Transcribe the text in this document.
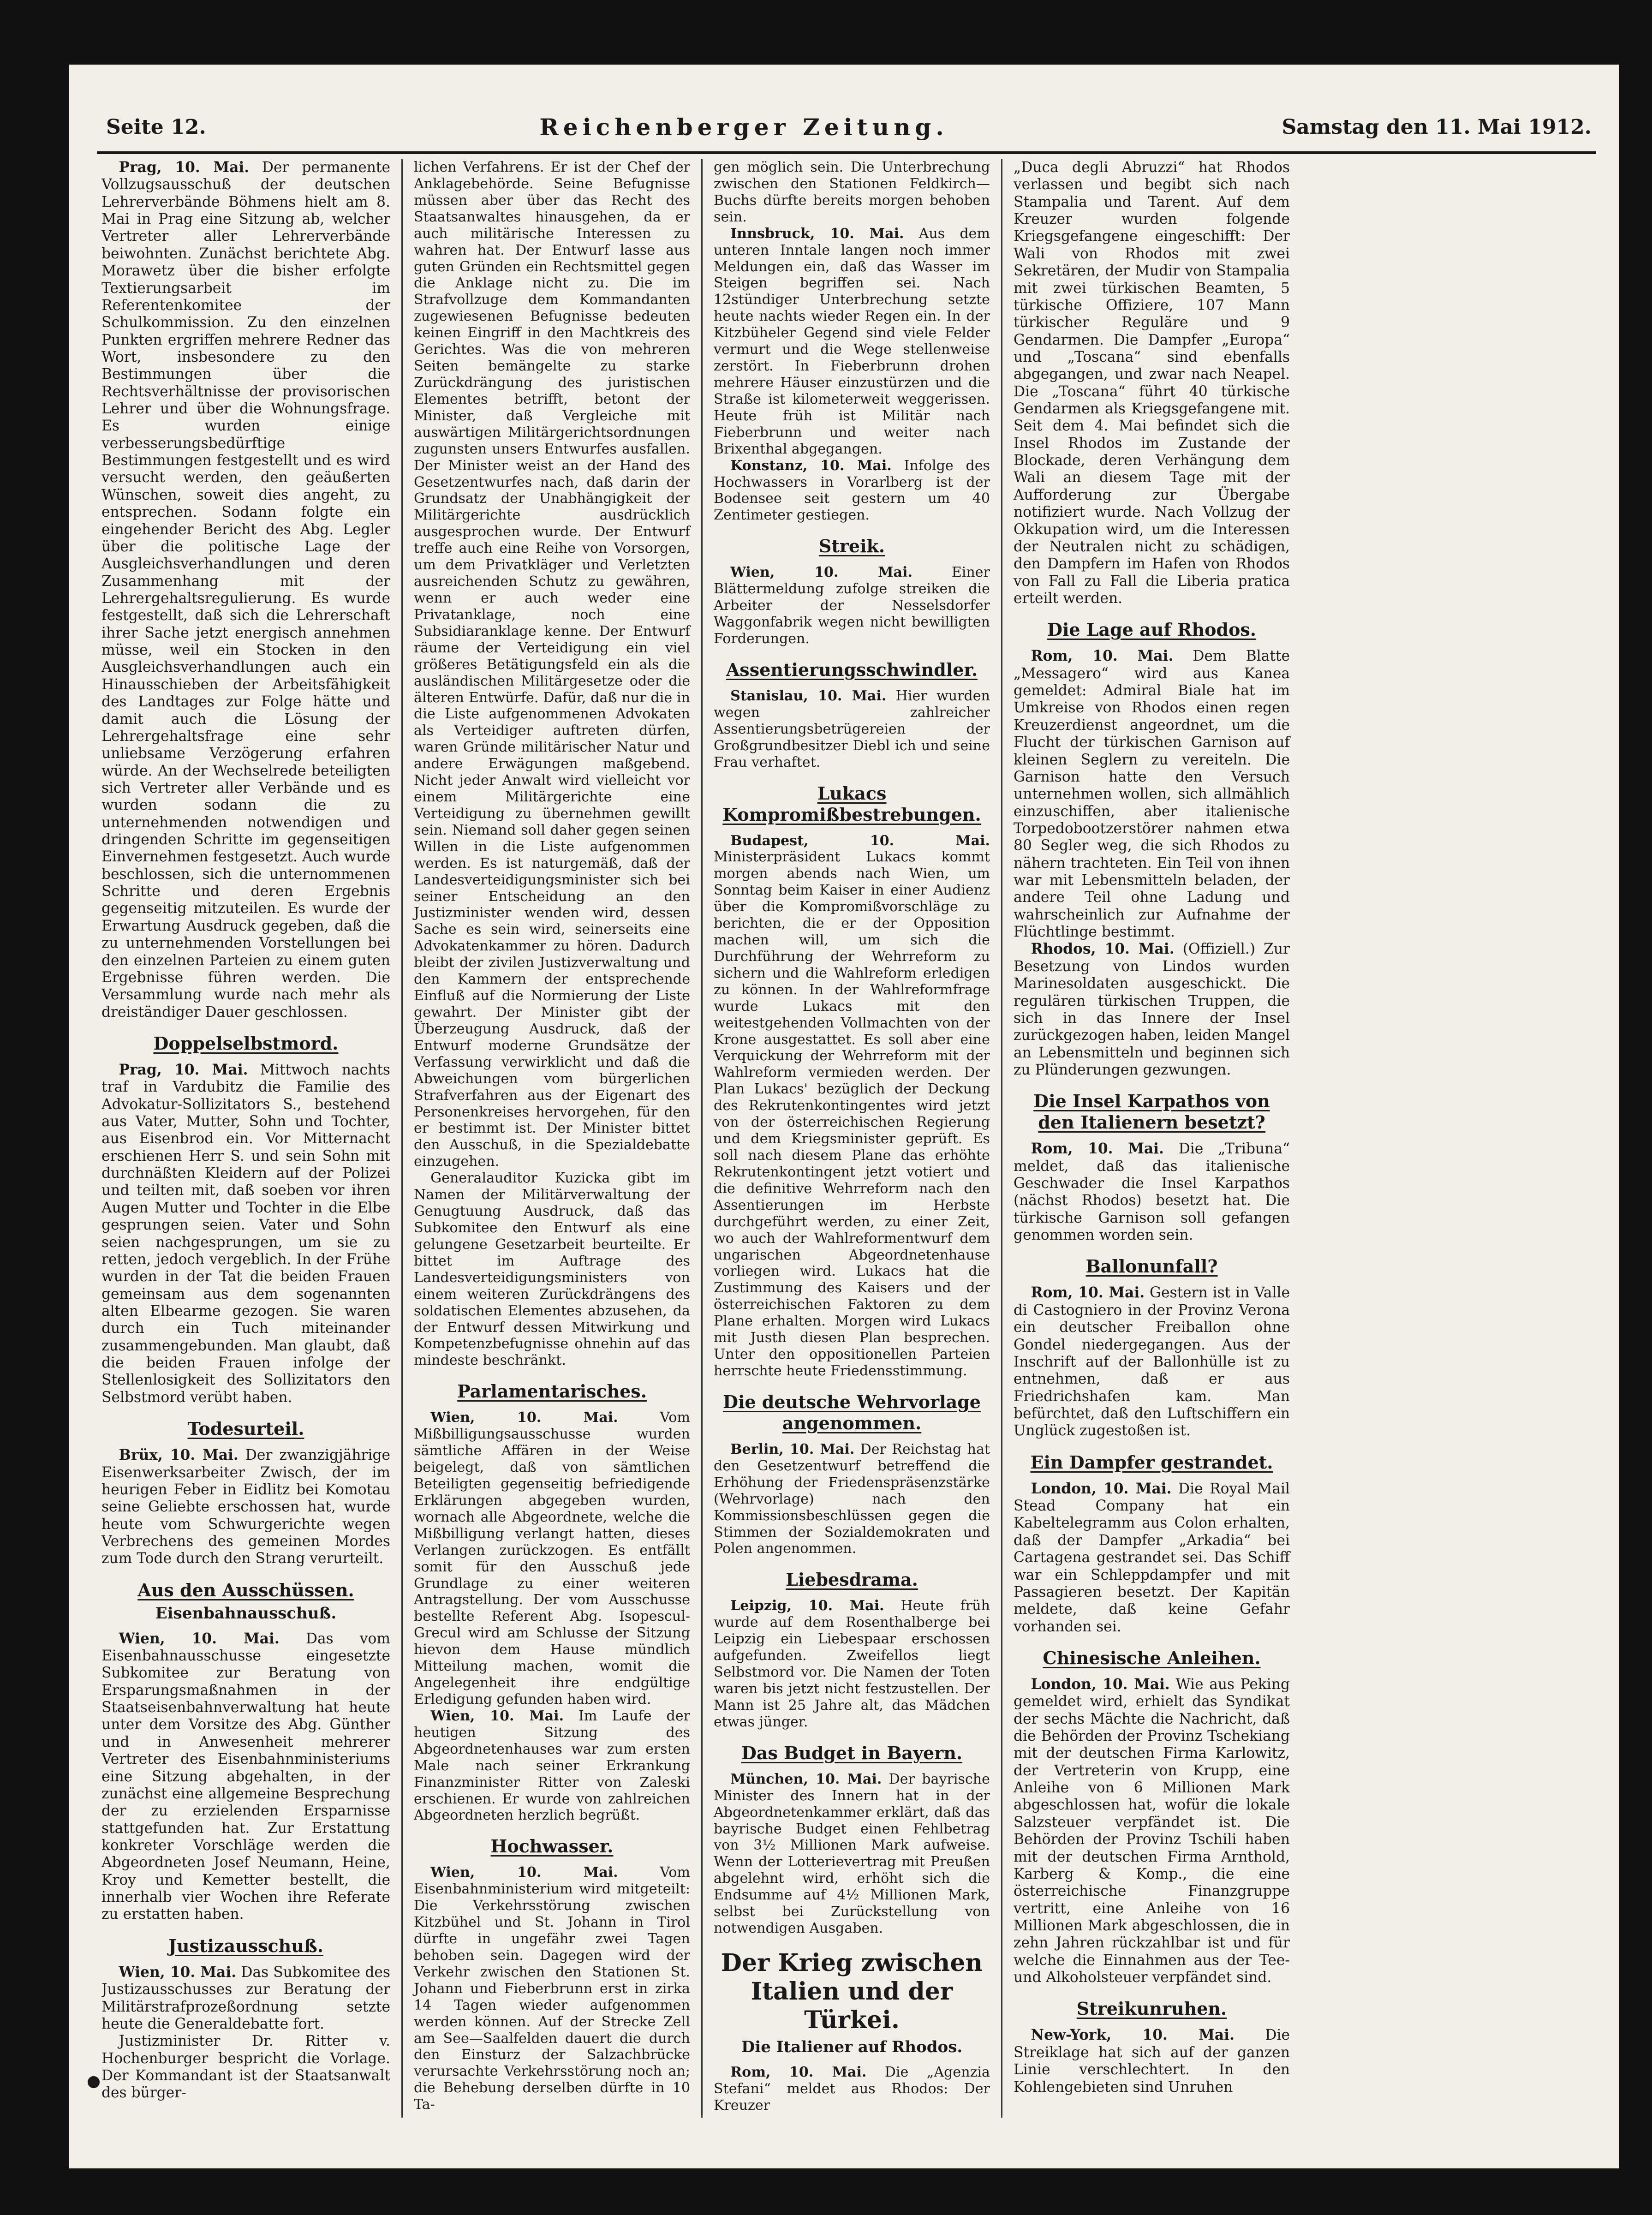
Seite 12.	Reichenberger Zeitung.	Samstag den 11. Mai 1912.

Prag, 10. Mai. Der permanente Vollzugsausschuß der deutschen Lehrerverbände Böhmens hielt am 8. Mai in Prag eine Sitzung ab, welcher Vertreter aller Lehrerverbände beiwohnten. Zunächst berichtete Abg. Morawetz über die bisher erfolgte Textierungsarbeit im Referentenkomitee der Schulkommission. Zu den einzelnen Punkten ergriffen mehrere Redner das Wort, insbesondere zu den Bestimmungen über die Rechtsverhältnisse der provisorischen Lehrer und über die Wohnungsfrage. Es wurden einige verbesserungsbedürftige Bestimmungen festgestellt und es wird versucht werden, den geäußerten Wünschen, soweit dies angeht, zu entsprechen. Sodann folgte ein eingehender Bericht des Abg. Legler über die politische Lage der Ausgleichsverhandlungen und deren Zusammenhang mit der Lehrergehaltsregulierung. Es wurde festgestellt, daß sich die Lehrerschaft ihrer Sache jetzt energisch annehmen müsse, weil ein Stocken in den Ausgleichsverhandlungen auch ein Hinausschieben der Arbeitsfähigkeit des Landtages zur Folge hätte und damit auch die Lösung der Lehrergehaltsfrage eine sehr unliebsame Verzögerung erfahren würde. An der Wechselrede beteiligten sich Vertreter aller Verbände und es wurden sodann die zu unternehmenden notwendigen und dringenden Schritte im gegenseitigen Einvernehmen festgesetzt. Auch wurde beschlossen, sich die unternommenen Schritte und deren Ergebnis gegenseitig mitzuteilen. Es wurde der Erwartung Ausdruck gegeben, daß die zu unternehmenden Vorstellungen bei den einzelnen Parteien zu einem guten Ergebnisse führen werden. Die Versammlung wurde nach mehr als dreiständiger Dauer geschlossen.

Doppelselbstmord.

Prag, 10. Mai. Mittwoch nachts traf in Vardubitz die Familie des Advokatur-Sollizitators S., bestehend aus Vater, Mutter, Sohn und Tochter, aus Eisenbrod ein. Vor Mitternacht erschienen Herr S. und sein Sohn mit durchnäßten Kleidern auf der Polizei und teilten mit, daß soeben vor ihren Augen Mutter und Tochter in die Elbe gesprungen seien. Vater und Sohn seien nachgesprungen, um sie zu retten, jedoch vergeblich. In der Frühe wurden in der Tat die beiden Frauen gemeinsam aus dem sogenannten alten Elbearme gezogen. Sie waren durch ein Tuch miteinander zusammengebunden. Man glaubt, daß die beiden Frauen infolge der Stellenlosigkeit des Sollizitators den Selbstmord verübt haben.

Todesurteil.

Brüx, 10. Mai. Der zwanzigjährige Eisenwerksarbeiter Zwisch, der im heurigen Feber in Eidlitz bei Komotau seine Geliebte erschossen hat, wurde heute vom Schwurgerichte wegen Verbrechens des gemeinen Mordes zum Tode durch den Strang verurteilt.

Aus den Ausschüssen.
Eisenbahnausschuß.

Wien, 10. Mai. Das vom Eisenbahnausschusse eingesetzte Subkomitee zur Beratung von Ersparungsmaßnahmen in der Staatseisenbahnverwaltung hat heute unter dem Vorsitze des Abg. Günther und in Anwesenheit mehrerer Vertreter des Eisenbahnministeriums eine Sitzung abgehalten, in der zunächst eine allgemeine Besprechung der zu erzielenden Ersparnisse stattgefunden hat. Zur Erstattung konkreter Vorschläge werden die Abgeordneten Josef Neumann, Heine, Kroy und Kemetter bestellt, die innerhalb vier Wochen ihre Referate zu erstatten haben.

Justizausschuß.

Wien, 10. Mai. Das Subkomitee des Justizausschusses zur Beratung der Militärstrafprozeßordnung setzte heute die Generaldebatte fort.

Justizminister Dr. Ritter v. Hochenburger bespricht die Vorlage. Der Kommandant ist der Staatsanwalt des bürger-

lichen Verfahrens. Er ist der Chef der Anklagebehörde. Seine Befugnisse müssen aber über das Recht des Staatsanwaltes hinausgehen, da er auch militärische Interessen zu wahren hat. Der Entwurf lasse aus guten Gründen ein Rechtsmittel gegen die Anklage nicht zu. Die im Strafvollzuge dem Kommandanten zugewiesenen Befugnisse bedeuten keinen Eingriff in den Machtkreis des Gerichtes. Was die von mehreren Seiten bemängelte zu starke Zurückdrängung des juristischen Elementes betrifft, betont der Minister, daß Vergleiche mit auswärtigen Militärgerichtsordnungen zugunsten unsers Entwurfes ausfallen. Der Minister weist an der Hand des Gesetzentwurfes nach, daß darin der Grundsatz der Unabhängigkeit der Militärgerichte ausdrücklich ausgesprochen wurde. Der Entwurf treffe auch eine Reihe von Vorsorgen, um dem Privatkläger und Verletzten ausreichenden Schutz zu gewähren, wenn er auch weder eine Privatanklage, noch eine Subsidiaranklage kenne. Der Entwurf räume der Verteidigung ein viel größeres Betätigungsfeld ein als die ausländischen Militärgesetze oder die älteren Entwürfe. Dafür, daß nur die in die Liste aufgenommenen Advokaten als Verteidiger auftreten dürfen, waren Gründe militärischer Natur und andere Erwägungen maßgebend. Nicht jeder Anwalt wird vielleicht vor einem Militärgerichte eine Verteidigung zu übernehmen gewillt sein. Niemand soll daher gegen seinen Willen in die Liste aufgenommen werden. Es ist naturgemäß, daß der Landesverteidigungsminister sich bei seiner Entscheidung an den Justizminister wenden wird, dessen Sache es sein wird, seinerseits eine Advokatenkammer zu hören. Dadurch bleibt der zivilen Justizverwaltung und den Kammern der entsprechende Einfluß auf die Normierung der Liste gewahrt. Der Minister gibt der Überzeugung Ausdruck, daß der Entwurf moderne Grundsätze der Verfassung verwirklicht und daß die Abweichungen vom bürgerlichen Strafverfahren aus der Eigenart des Personenkreises hervorgehen, für den er bestimmt ist. Der Minister bittet den Ausschuß, in die Spezialdebatte einzugehen.

Generalauditor Kuzicka gibt im Namen der Militärverwaltung der Genugtuung Ausdruck, daß das Subkomitee den Entwurf als eine gelungene Gesetzarbeit beurteilte. Er bittet im Auftrage des Landesverteidigungsministers von einem weiteren Zurückdrängens des soldatischen Elementes abzusehen, da der Entwurf dessen Mitwirkung und Kompetenzbefugnisse ohnehin auf das mindeste beschränkt.

Parlamentarisches.

Wien, 10. Mai.	Vom Mißbilligungsausschusse wurden sämtliche Affären in der Weise beigelegt, daß von sämtlichen Beteiligten gegenseitig befriedigende Erklärungen abgegeben wurden, wornach alle Abgeordnete, welche die Mißbilligung verlangt hatten, dieses Verlangen zurückzogen. Es entfällt somit für den Ausschuß jede Grundlage zu einer weiteren Antragstellung. Der vom Ausschusse bestellte Referent Abg. Isopescul-Grecul wird am Schlusse der Sitzung hievon dem Hause mündlich Mitteilung machen, womit die Angelegenheit ihre endgültige Erledigung gefunden haben wird.

Wien, 10. Mai. Im Laufe der heutigen Sitzung des Abgeordnetenhauses war zum ersten Male nach seiner Erkrankung Finanzminister Ritter von Zaleski erschienen. Er wurde von zahlreichen Abgeordneten herzlich begrüßt.

Hochwasser.

Wien, 10. Mai.	Vom Eisenbahnministerium wird mitgeteilt: Die Verkehrsstörung zwischen Kitzbühel und St. Johann in Tirol dürfte in ungefähr zwei Tagen behoben sein. Dagegen wird der Verkehr zwischen den Stationen St. Johann und Fieberbrunn erst in zirka 14 Tagen wieder aufgenommen werden können. Auf der Strecke Zell am See—Saalfelden dauert die durch den Einsturz der Salzachbrücke verursachte Verkehrsstörung noch an; die Behebung derselben dürfte in 10 Ta-

gen möglich sein. Die Unterbrechung zwischen den Stationen Feldkirch—Buchs dürfte bereits morgen behoben sein.

Innsbruck, 10. Mai. Aus dem unteren Inntale langen noch immer Meldungen ein, daß das Wasser im Steigen begriffen sei. Nach 12stündiger Unterbrechung setzte heute nachts wieder Regen ein. In der Kitzbüheler Gegend sind viele Felder vermurt und die Wege stellenweise zerstört. In Fieberbrunn drohen mehrere Häuser einzustürzen und die Straße ist kilometerweit weggerissen. Heute früh ist Militär nach Fieberbrunn und weiter nach Brixenthal abgegangen.

Konstanz, 10. Mai. Infolge des Hochwassers in Vorarlberg ist der Bodensee seit gestern um 40 Zentimeter gestiegen.

Streik.

Wien, 10. Mai.	Einer Blättermeldung zufolge streiken die Arbeiter der Nesselsdorfer Waggonfabrik wegen nicht bewilligten Forderungen.

Assentierungsschwindler.

Stanislau, 10. Mai. Hier wurden wegen zahlreicher Assentierungsbetrügereien der Großgrundbesitzer Diebl ich und seine Frau verhaftet.

Lukacs Kompromißbestrebungen.

Budapest, 10. Mai. Ministerpräsident Lukacs kommt morgen abends nach Wien, um Sonntag beim Kaiser in einer Audienz über die Kompromißvorschläge zu berichten, die er der Opposition machen will, um sich die Durchführung der Wehrreform zu sichern und die Wahlreform erledigen zu können. In der Wahlreformfrage wurde Lukacs mit den weitestgehenden Vollmachten von der Krone ausgestattet. Es soll aber eine Verquickung der Wehrreform mit der Wahlreform vermieden werden. Der Plan Lukacs' bezüglich der Deckung des Rekrutenkontingentes wird jetzt von der österreichischen Regierung und dem Kriegsminister geprüft. Es soll nach diesem Plane das erhöhte Rekrutenkontingent jetzt votiert und die definitive Wehrreform nach den Assentierungen im Herbste durchgeführt werden, zu einer Zeit, wo auch der Wahlreformentwurf dem ungarischen Abgeordnetenhause vorliegen wird. Lukacs hat die Zustimmung des Kaisers und der österreichischen Faktoren zu dem Plane erhalten. Morgen wird Lukacs mit Justh diesen Plan besprechen. Unter den oppositionellen Parteien herrschte heute Friedensstimmung.

Die deutsche Wehrvorlage angenommen.

Berlin, 10. Mai. Der Reichstag hat den Gesetzentwurf betreffend die Erhöhung der Friedenspräsenzstärke (Wehrvorlage) nach den Kommissionsbeschlüssen gegen die Stimmen der Sozialdemokraten und Polen angenommen.

Liebesdrama.

Leipzig, 10. Mai. Heute früh wurde auf dem Rosenthalberge bei Leipzig ein Liebespaar erschossen aufgefunden. Zweifellos liegt Selbstmord vor. Die Namen der Toten waren bis jetzt nicht festzustellen. Der Mann ist 25 Jahre alt, das Mädchen etwas jünger.

Das Budget in Bayern.

München, 10. Mai. Der bayrische Minister des Innern hat in der Abgeordnetenkammer erklärt, daß das bayrische Budget einen Fehlbetrag von 3½ Millionen Mark aufweise. Wenn der Lotterievertrag mit Preußen abgelehnt wird, erhöht sich die Endsumme auf 4½ Millionen Mark, selbst bei Zurückstellung von notwendigen Ausgaben.

Der Krieg zwischen
Italien und der Türkei.
Die Italiener auf Rhodos.

Rom, 10. Mai. Die „Agenzia Stefani“ meldet aus Rhodos: Der Kreuzer

„Duca degli Abruzzi“ hat Rhodos verlassen und begibt sich nach Stampalia und Tarent. Auf dem Kreuzer wurden folgende Kriegsgefangene eingeschifft: Der Wali von Rhodos mit zwei Sekretären, der Mudir von Stampalia mit zwei türkischen Beamten, 5 türkische Offiziere, 107 Mann türkischer Reguläre und 9 Gendarmen. Die Dampfer „Europa“ und „Toscana“ sind ebenfalls abgegangen, und zwar nach Neapel. Die „Toscana“ führt 40 türkische Gendarmen als Kriegsgefangene mit. Seit dem 4. Mai befindet sich die Insel Rhodos im Zustande der Blockade, deren Verhängung dem Wali an diesem Tage mit der Aufforderung zur Übergabe notifiziert wurde. Nach Vollzug der Okkupation wird, um die Interessen der Neutralen nicht zu schädigen, den Dampfern im Hafen von Rhodos von Fall zu Fall die Liberia pratica erteilt werden.

Die Lage auf Rhodos.

Rom, 10. Mai. Dem Blatte „Messagero“ wird aus Kanea gemeldet: Admiral Biale hat im Umkreise von Rhodos einen regen Kreuzerdienst angeordnet, um die Flucht der türkischen Garnison auf kleinen Seglern zu vereiteln. Die Garnison hatte den Versuch unternehmen wollen, sich allmählich einzuschiffen, aber italienische Torpedobootzerstörer nahmen etwa 80 Segler weg, die sich Rhodos zu nähern trachteten. Ein Teil von ihnen war mit Lebensmitteln beladen, der andere Teil ohne Ladung und wahrscheinlich zur Aufnahme der Flüchtlinge bestimmt.

Rhodos, 10. Mai. (Offiziell.) Zur Besetzung von Lindos wurden Marinesoldaten ausgeschickt. Die regulären türkischen Truppen, die sich in das Innere der Insel zurückgezogen haben, leiden Mangel an Lebensmitteln und beginnen sich zu Plünderungen gezwungen.

Die Insel Karpathos von den Italienern besetzt?

Rom, 10. Mai. Die „Tribuna“ meldet, daß das italienische Geschwader die Insel Karpathos (nächst Rhodos) besetzt hat. Die türkische Garnison soll gefangen genommen worden sein.

Ballonunfall?

Rom, 10. Mai. Gestern ist in Valle di Castogniero in der Provinz Verona ein deutscher Freiballon ohne Gondel niedergegangen. Aus der Inschrift auf der Ballonhülle ist zu entnehmen, daß er aus Friedrichshafen kam. Man befürchtet, daß den Luftschiffern ein Unglück zugestoßen ist.

Ein Dampfer gestrandet.

London, 10. Mai. Die Royal Mail Stead Company hat ein Kabeltelegramm aus Colon erhalten, daß der Dampfer „Arkadia“ bei Cartagena gestrandet sei. Das Schiff war ein Schleppdampfer und mit Passagieren besetzt. Der Kapitän meldete, daß keine Gefahr vorhanden sei.

Chinesische Anleihen.

London, 10. Mai. Wie aus Peking gemeldet wird, erhielt das Syndikat der sechs Mächte die Nachricht, daß die Behörden der Provinz Tschekiang mit der deutschen Firma Karlowitz, der Vertreterin von Krupp, eine Anleihe von 6 Millionen Mark abgeschlossen hat, wofür die lokale Salzsteuer verpfändet ist. Die Behörden der Provinz Tschili haben mit der deutschen Firma Arnthold, Karberg & Komp., die eine österreichische Finanzgruppe vertritt, eine Anleihe von 16 Millionen Mark abgeschlossen, die in zehn Jahren rückzahlbar ist und für welche die Einnahmen aus der Tee- und Alkoholsteuer verpfändet sind.

Streikunruhen.

New-York, 10. Mai. Die Streiklage hat sich auf der ganzen Linie verschlechtert. In den Kohlengebieten sind Unruhen
